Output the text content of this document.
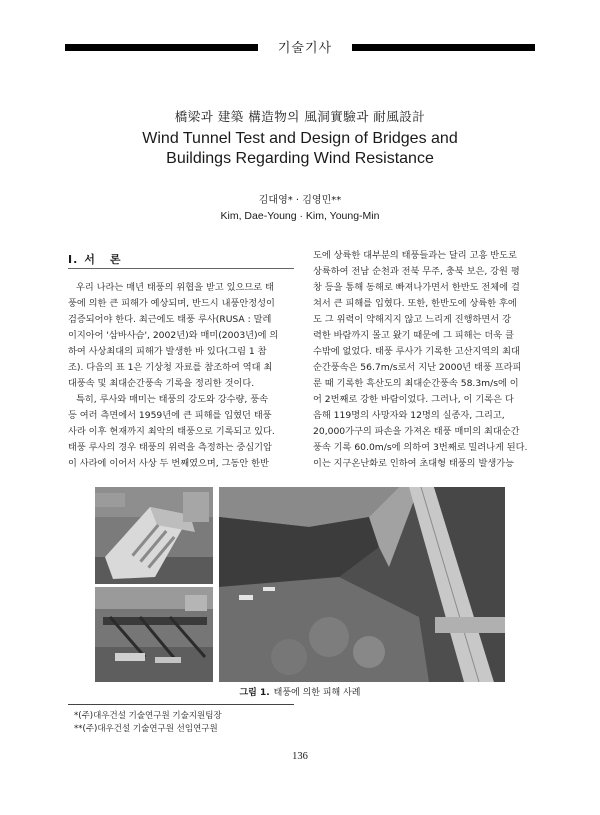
기술기사
橋梁과 建築 構造物의 風洞實驗과 耐風設計
Wind Tunnel Test and Design of Bridges and
Buildings Regarding Wind Resistance
김대영* · 김영민**
Kim, Dae-Young · Kim, Young-Min
I. 서 론
우리 나라는 매년 태풍의 위협을 받고 있으므로 태
풍에 의한 큰 피해가 예상되며, 반드시 내풍안정성이
검증되어야 한다. 최근에도 태풍 루사(RUSA : 말레
이지아어 '삼바사슴', 2002년)와 매미(2003년)에 의
하여 사상최대의 피해가 발생한 바 있다(그림 1 참
조). 다음의 표 1은 기상청 자료를 참조하여 역대 최
대풍속 및 최대순간풍속 기록을 정리한 것이다.
특히, 루사와 매미는 태풍의 강도와 강수량, 풍속
등 여러 측면에서 1959년에 큰 피해를 입혔던 태풍
사라 이후 현재까지 최악의 태풍으로 기록되고 있다.
태풍 루사의 경우 태풍의 위력을 측정하는 중심기압
이 사라에 이어서 사상 두 번째였으며, 그동안 한반
도에 상륙한 대부분의 태풍들과는 달리 고흥 반도로
상륙하여 전남 순천과 전북 무주, 충북 보은, 강원 평
창 등을 통해 동해로 빠져나가면서 한반도 전체에 걸
쳐서 큰 피해를 입혔다. 또한, 한반도에 상륙한 후에
도 그 위력이 약해지지 않고 느리게 진행하면서 강
력한 바람까지 몰고 왔기 때문에 그 피해는 더욱 클
수밖에 없었다. 태풍 루사가 기록한 고산지역의 최대
순간풍속은 56.7m/s로서 지난 2000년 태풍 프라피
룬 때 기록한 흑산도의 최대순간풍속 58.3m/s에 이
어 2번째로 강한 바람이었다. 그러나, 이 기록은 다
음해 119명의 사망자와 12명의 실종자, 그리고,
20,000가구의 파손을 가져온 태풍 매미의 최대순간
풍속 기록 60.0m/s에 의하여 3번째로 밀려나게 된다.
이는 지구온난화로 인하여 초대형 태풍의 발생가능
그림 1. 태풍에 의한 피해 사례
*(주)대우건설 기술연구원 기술지원팀장
**(주)대우건설 기술연구원 선임연구원
136
